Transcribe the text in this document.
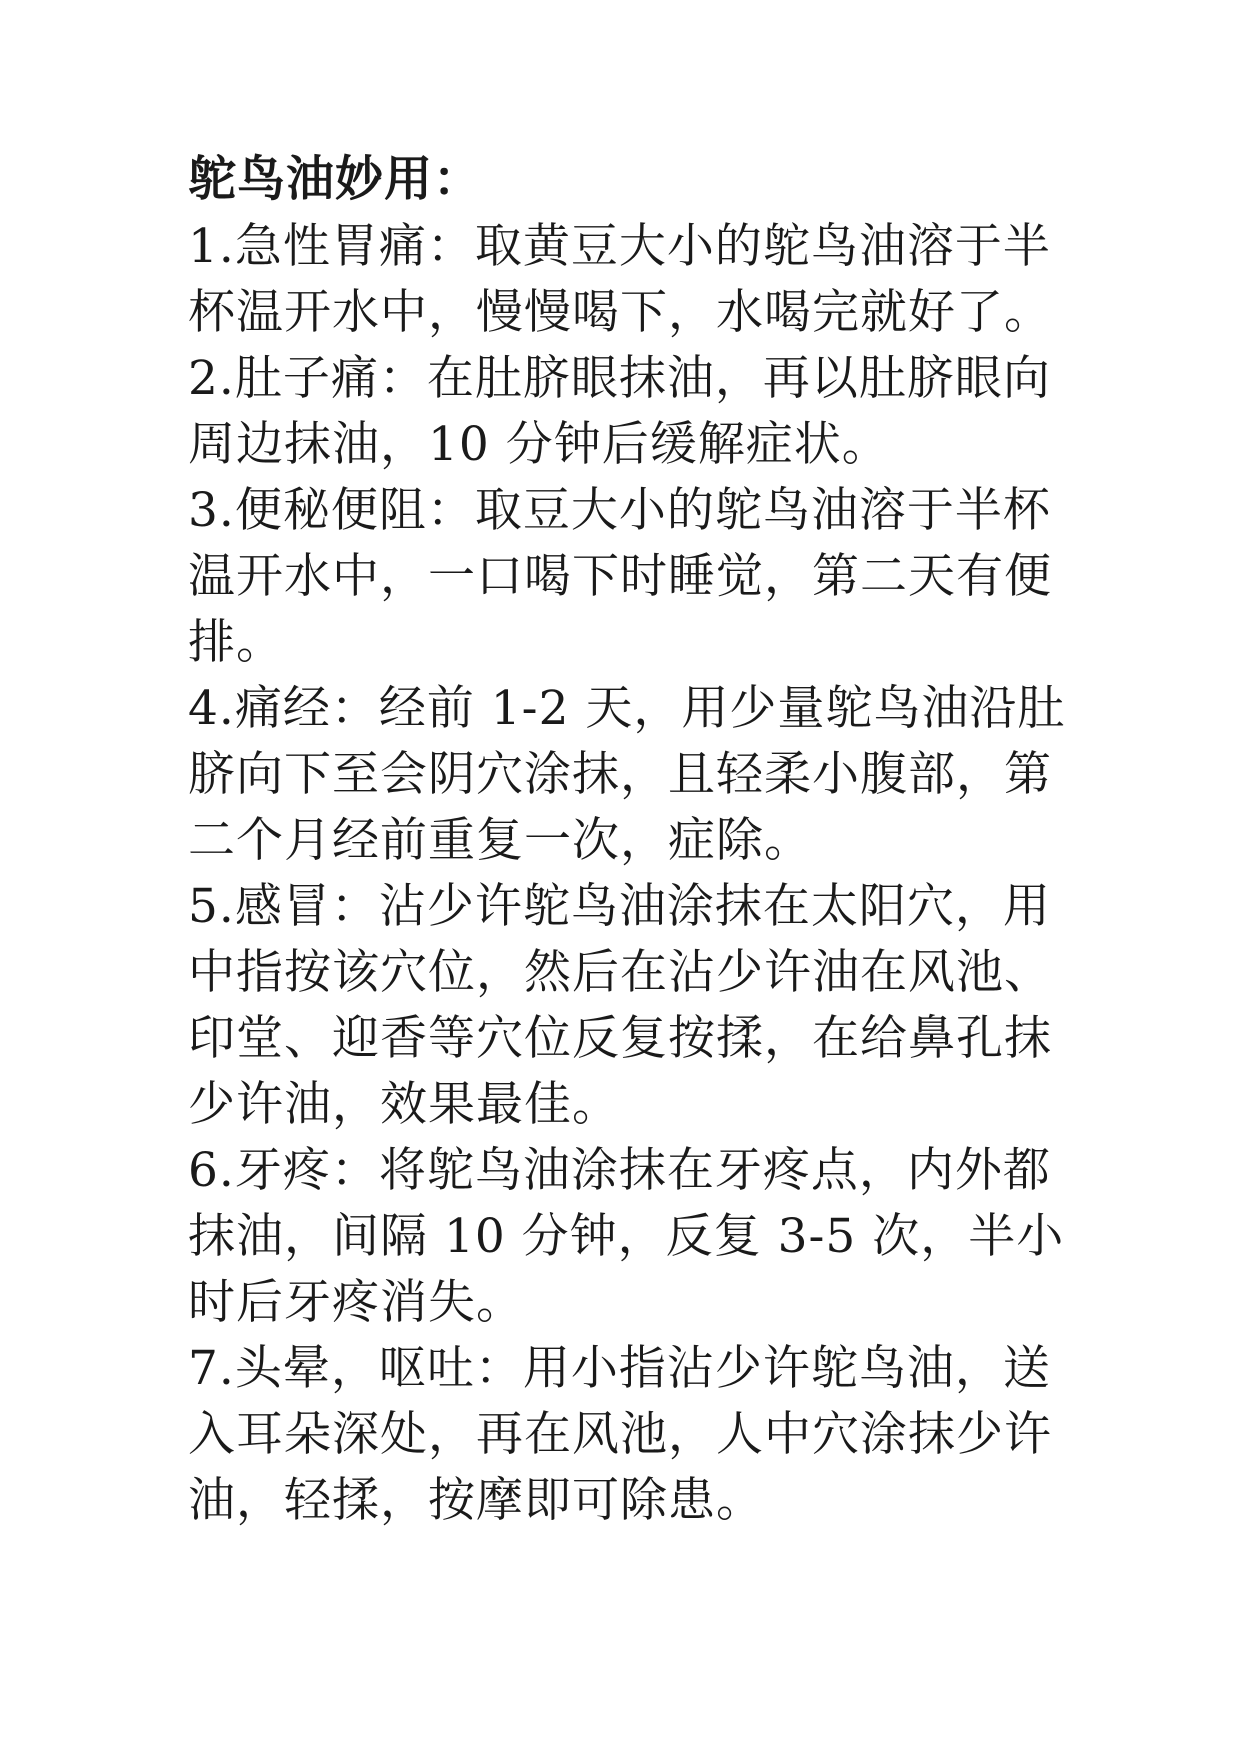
鸵鸟油妙用：

1.急性胃痛：取黄豆大小的鸵鸟油溶于半杯温开水中，慢慢喝下，水喝完就好了。

2.肚子痛：在肚脐眼抹油，再以肚脐眼向周边抹油，10 分钟后缓解症状。

3.便秘便阻：取豆大小的鸵鸟油溶于半杯温开水中，一口喝下时睡觉，第二天有便排。

4.痛经：经前 1-2 天，用少量鸵鸟油沿肚脐向下至会阴穴涂抹，且轻柔小腹部，第二个月经前重复一次，症除。

5.感冒：沾少许鸵鸟油涂抹在太阳穴，用中指按该穴位，然后在沾少许油在风池、印堂、迎香等穴位反复按揉，在给鼻孔抹少许油，效果最佳。

6.牙疼：将鸵鸟油涂抹在牙疼点，内外都抹油，间隔 10 分钟，反复 3-5 次，半小时后牙疼消失。

7.头晕，呕吐：用小指沾少许鸵鸟油，送入耳朵深处，再在风池，人中穴涂抹少许油，轻揉，按摩即可除患。
